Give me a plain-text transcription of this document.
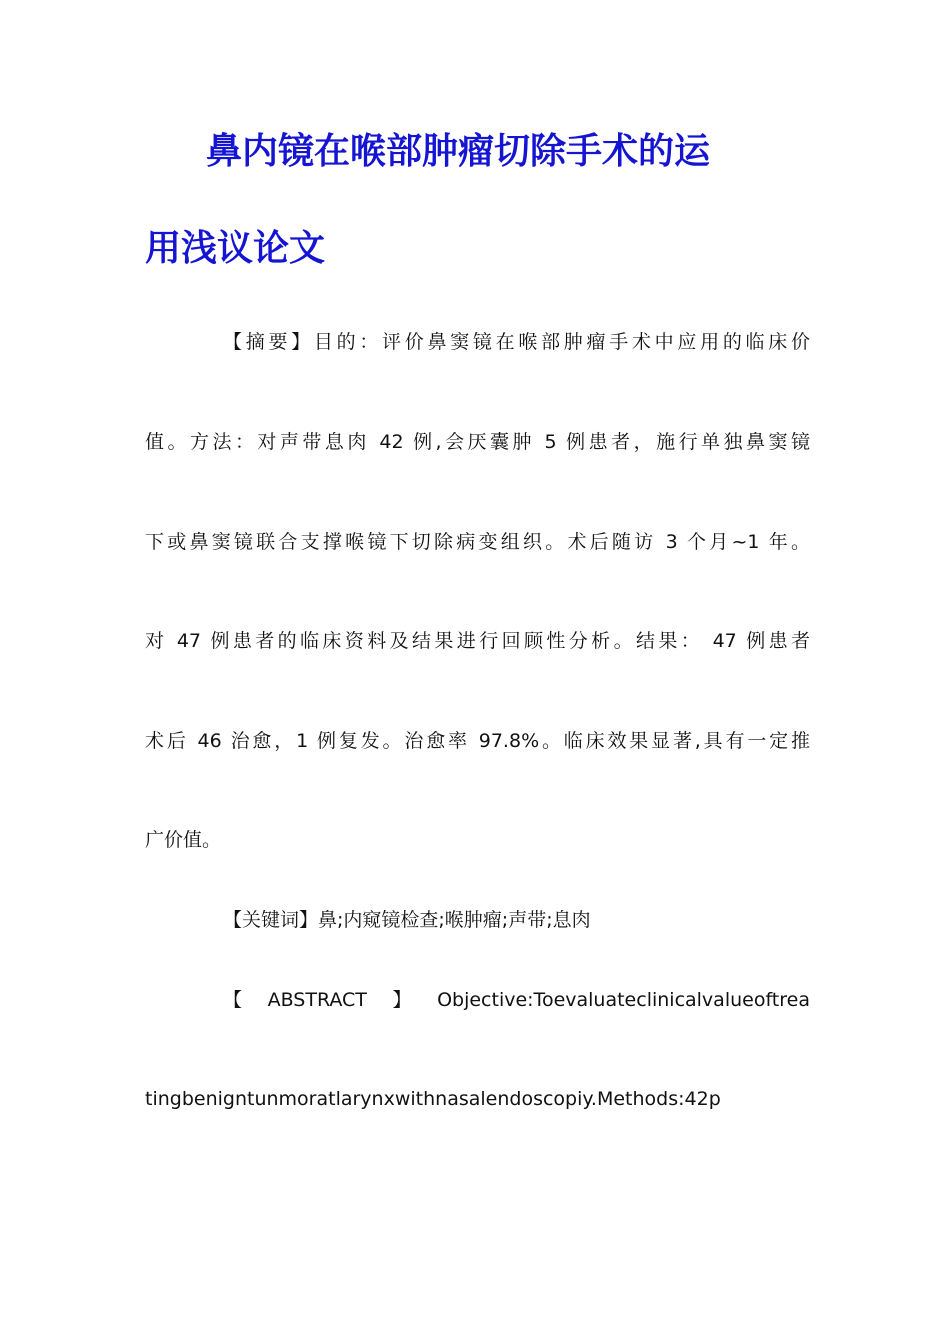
鼻内镜在喉部肿瘤切除手术的运
用浅议论文

【摘要】目的：评价鼻窦镜在喉部肿瘤手术中应用的临床价

值。方法：对声带息肉 42 例,会厌囊肿 5 例患者，施行单独鼻窦镜

下或鼻窦镜联合支撑喉镜下切除病变组织。术后随访 3 个月~1 年。

对 47 例患者的临床资料及结果进行回顾性分析。结果： 47 例患者

术后 46 治愈，1 例复发。治愈率 97.8%。临床效果显著,具有一定推

广价值。

【关键词】鼻;内窥镜检查;喉肿瘤;声带;息肉

【ABSTRACT】Objective:Toevaluateclinicalvalueoftrea

tingbenigntunmoratlarynxwithnasalendoscopiy.Methods:42p
